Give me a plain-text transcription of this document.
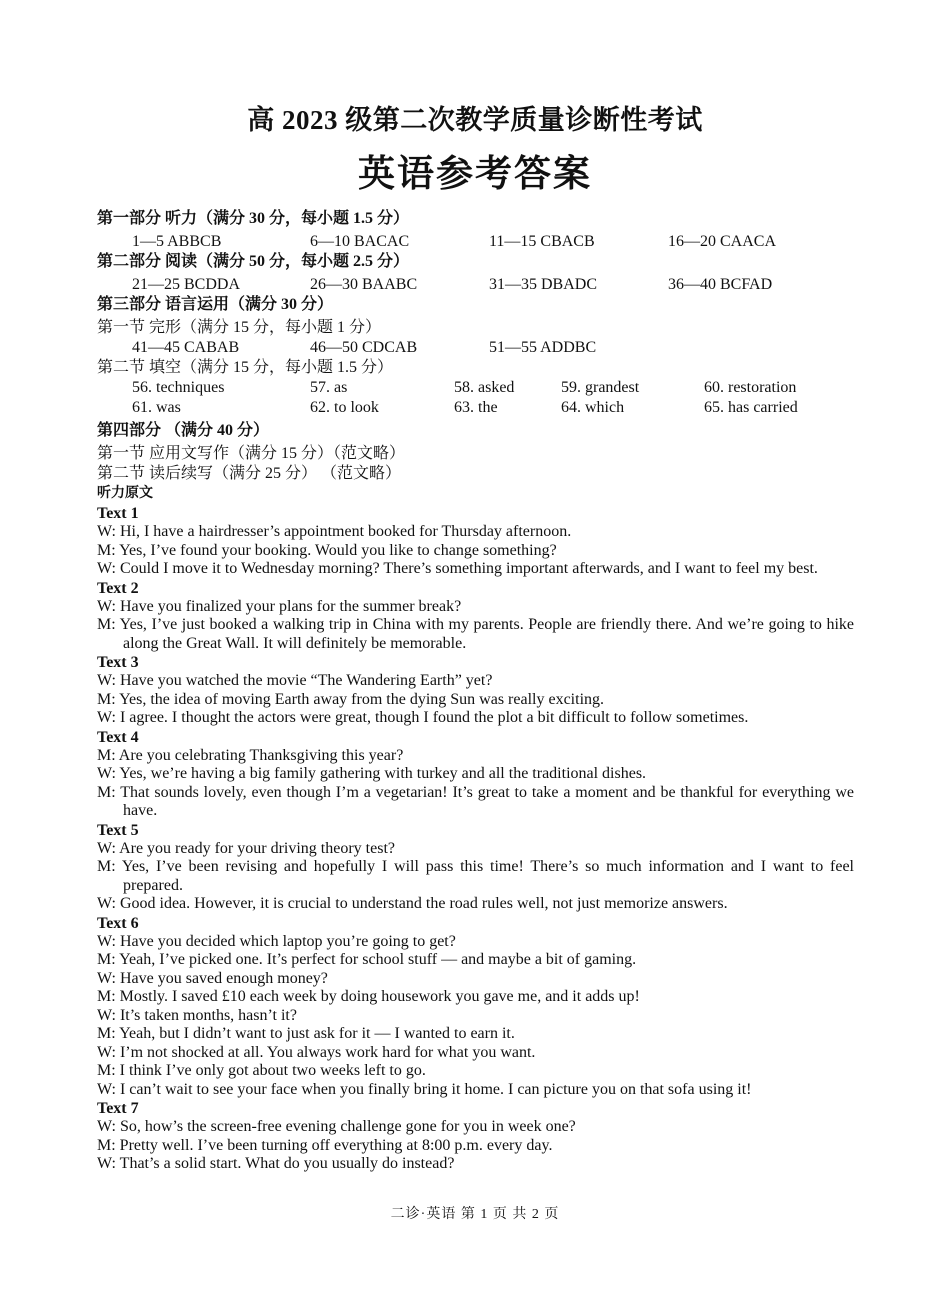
高 2023 级第二次教学质量诊断性考试
英语参考答案
第一部分 听力（满分 30 分，每小题 1.5 分）
1—5 ABBCB	6—10 BACAC	11—15 CBACB	16—20 CAACA
第二部分 阅读（满分 50 分，每小题 2.5 分）
21—25 BCDDA	26—30 BAABC	31—35 DBADC	36—40 BCFAD
第三部分 语言运用（满分 30 分）
第一节 完形（满分 15 分，每小题 1 分）
41—45 CABAB	46—50 CDCAB	51—55 ADDBC
第二节 填空（满分 15 分，每小题 1.5 分）
56. techniques	57. as	58. asked	59. grandest	60. restoration
61. was	62. to look	63. the	64. which	65. has carried
第四部分 （满分 40 分）
第一节 应用文写作（满分 15 分）（范文略）
第二节 读后续写（满分 25 分） （范文略）
听力原文
Text 1
W: Hi, I have a hairdresser’s appointment booked for Thursday afternoon.
M: Yes, I’ve found your booking. Would you like to change something?
W: Could I move it to Wednesday morning? There’s something important afterwards, and I want to feel my best.
Text 2
W: Have you finalized your plans for the summer break?
M: Yes, I’ve just booked a walking trip in China with my parents. People are friendly there. And we’re going to hike along the Great Wall. It will definitely be memorable.
Text 3
W: Have you watched the movie “The Wandering Earth” yet?
M: Yes, the idea of moving Earth away from the dying Sun was really exciting.
W: I agree. I thought the actors were great, though I found the plot a bit difficult to follow sometimes.
Text 4
M: Are you celebrating Thanksgiving this year?
W: Yes, we’re having a big family gathering with turkey and all the traditional dishes.
M: That sounds lovely, even though I’m a vegetarian! It’s great to take a moment and be thankful for everything we have.
Text 5
W: Are you ready for your driving theory test?
M: Yes, I’ve been revising and hopefully I will pass this time! There’s so much information and I want to feel prepared.
W: Good idea. However, it is crucial to understand the road rules well, not just memorize answers.
Text 6
W: Have you decided which laptop you’re going to get?
M: Yeah, I’ve picked one. It’s perfect for school stuff — and maybe a bit of gaming.
W: Have you saved enough money?
M: Mostly. I saved £10 each week by doing housework you gave me, and it adds up!
W: It’s taken months, hasn’t it?
M: Yeah, but I didn’t want to just ask for it — I wanted to earn it.
W: I’m not shocked at all. You always work hard for what you want.
M: I think I’ve only got about two weeks left to go.
W: I can’t wait to see your face when you finally bring it home. I can picture you on that sofa using it!
Text 7
W: So, how’s the screen-free evening challenge gone for you in week one?
M: Pretty well. I’ve been turning off everything at 8:00 p.m. every day.
W: That’s a solid start. What do you usually do instead?
二诊·英语 第 1 页 共 2 页
